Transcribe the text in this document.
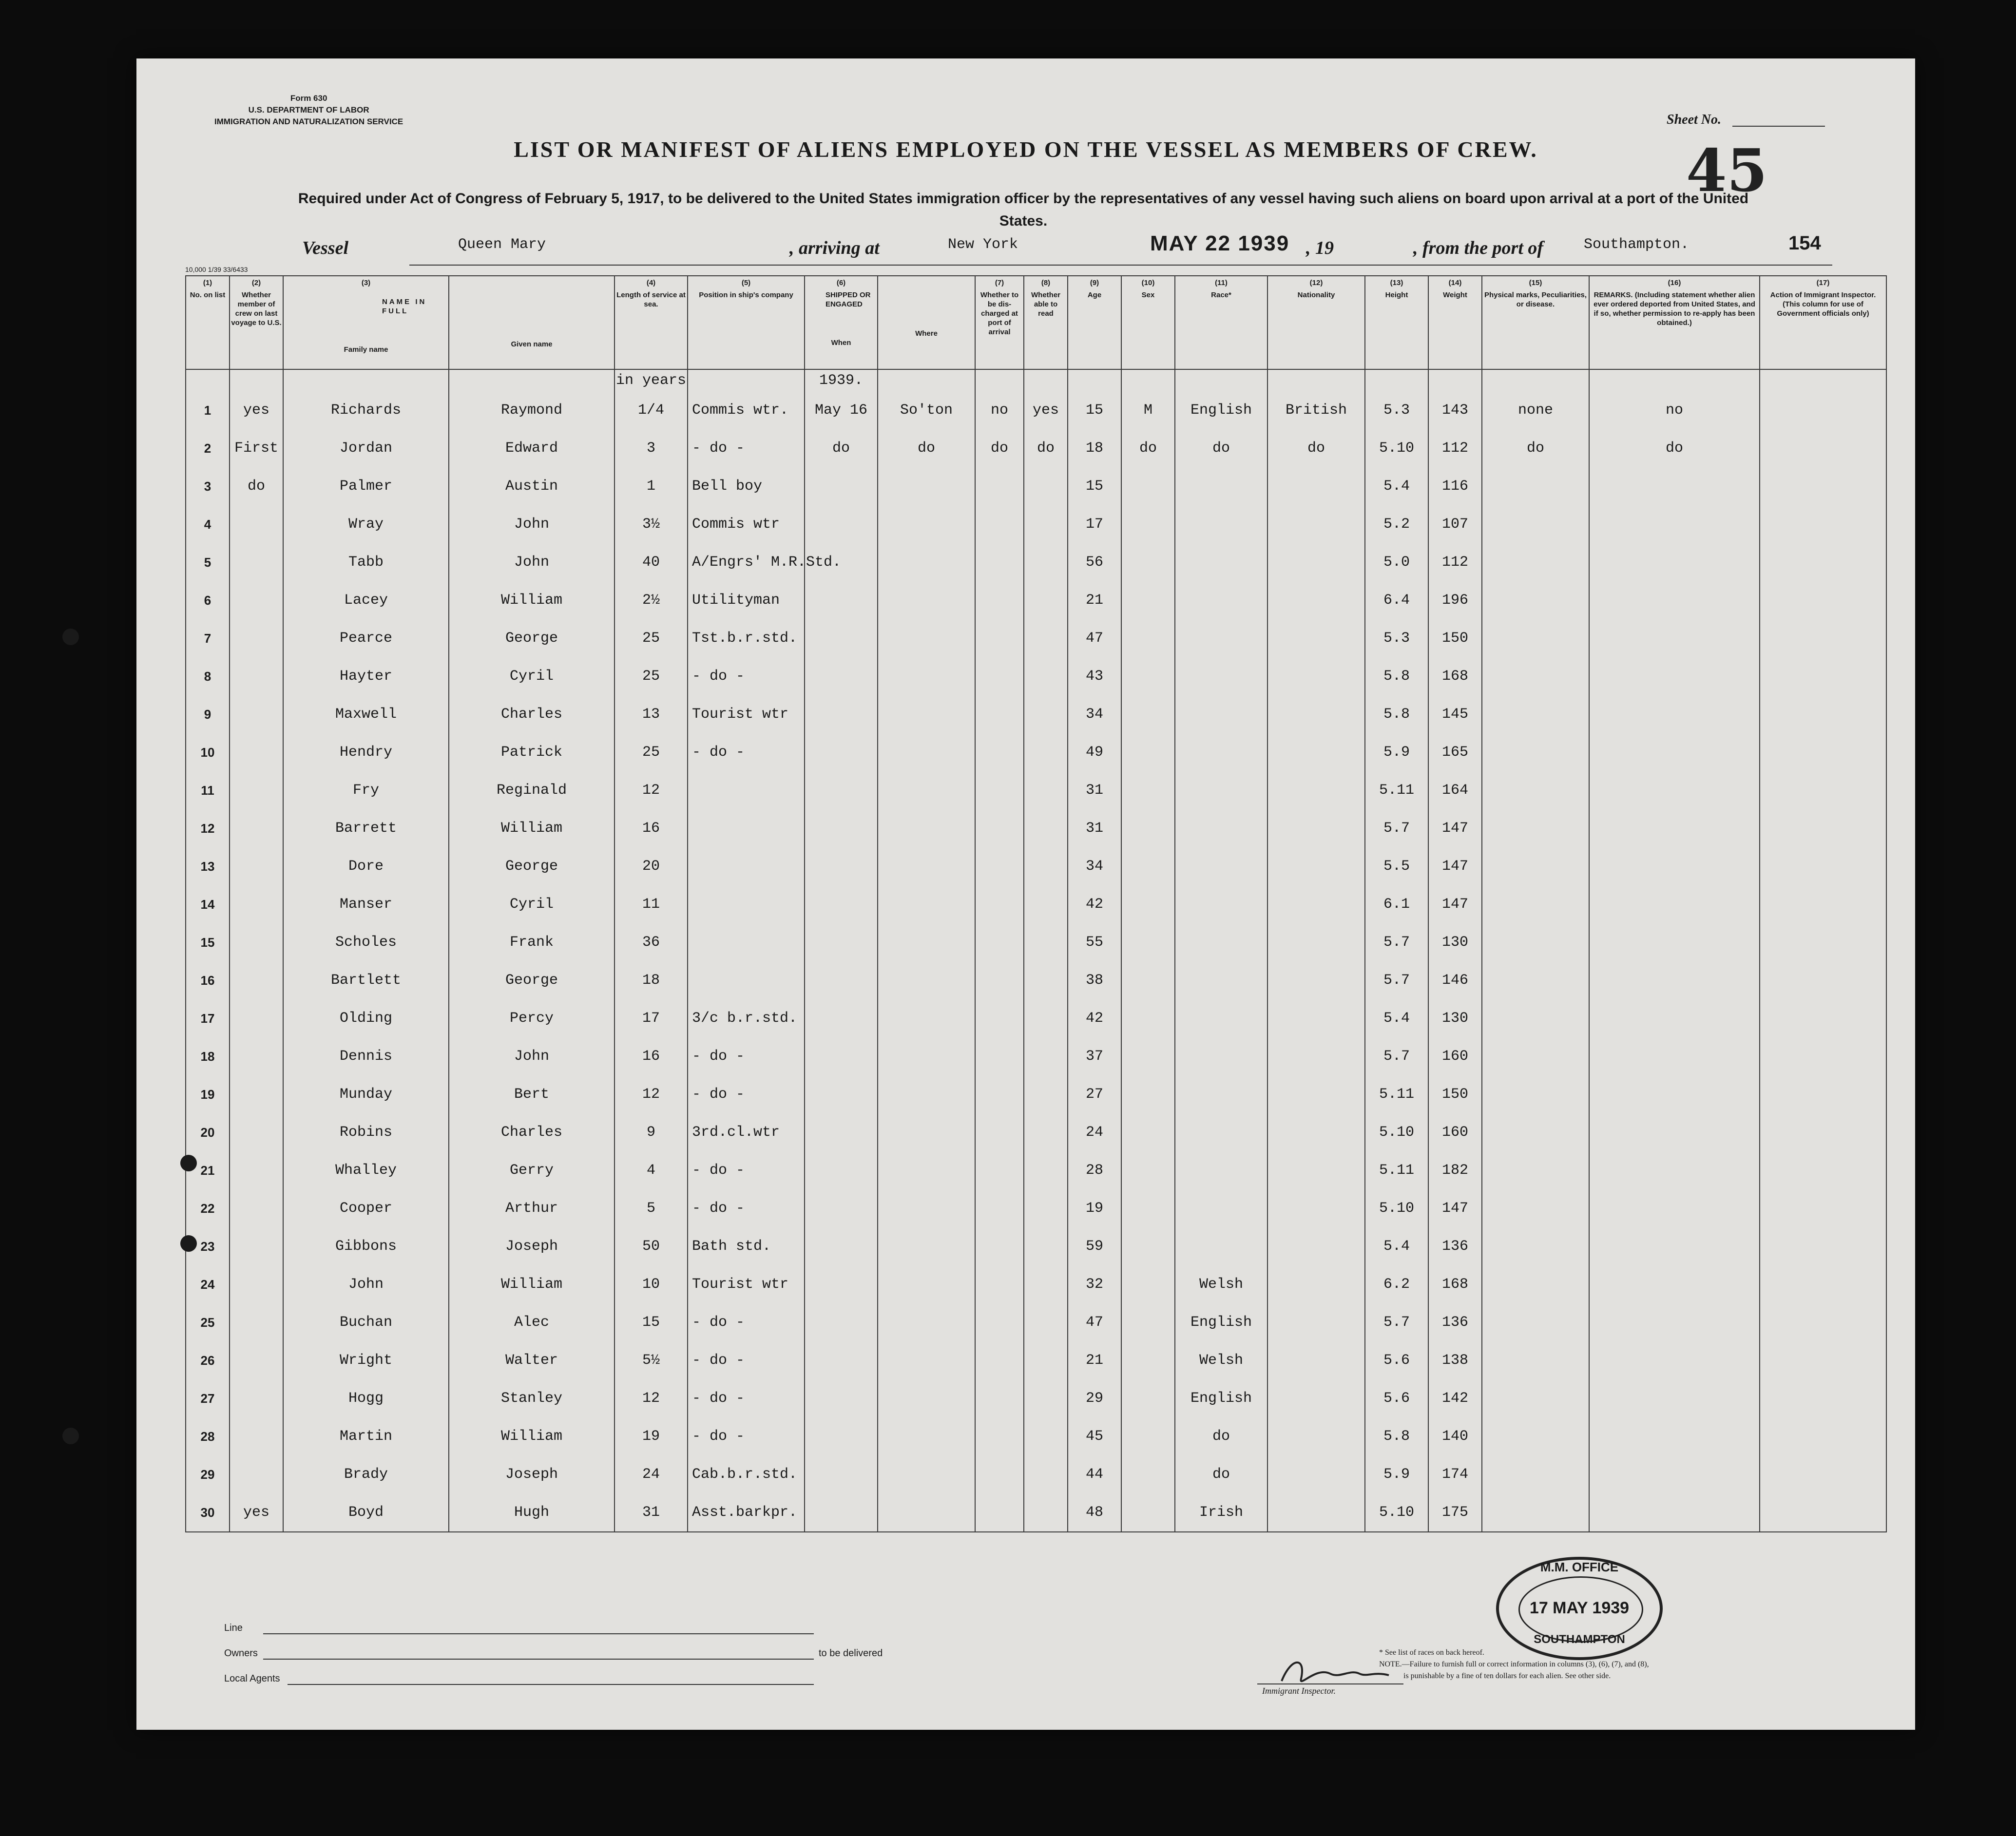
Form 630
U.S. DEPARTMENT OF LABOR
IMMIGRATION AND NATURALIZATION SERVICE	Sheet No.
45
LIST OR MANIFEST OF ALIENS EMPLOYED ON THE VESSEL AS MEMBERS OF CREW.
Required under Act of Congress of February 5, 1917, to be delivered to the United States immigration officer by the representatives of any vessel having such aliens on board upon arrival at a port of the United States.
Vessel	Queen Mary	, arriving at	New York	MAY 22 1939 , 19	, from the port of	Southampton.	154
10,000 1/39 33/6433
(1)
No. on list	(2)
Whether member of crew on last voyage to U.S.	(3)
NAME IN FULL
Family name	Given name	(4)
Length of service at sea.	(5)
Position in ship's company	(6)
SHIPPED OR ENGAGED
When	Where	(7)
Whether to be dis-charged at port of arrival	(8)
Whether able to read	(9)
Age	(10)
Sex	(11)
Race*	(12)
Nationality	(13)
Height	(14)
Weight	(15)
Physical marks, Peculiarities, or disease.	(16)
REMARKS. (Including statement whether alien ever ordered deported from United States, and if so, whether permission to re-apply has been obtained.)	(17)
Action of Immigrant Inspector. (This column for use of Government officials only)
				in years		1939.												
1	yes	Richards	Raymond	1/4	Commis wtr.	May 16	So'ton	no	yes	15	M	English	British	5.3	143	none	no	
2	First	Jordan	Edward	3	- do -	do	do	do	do	18	do	do	do	5.10	112	do	do	
3	do	Palmer	Austin	1	Bell boy					15				5.4	116			
4		Wray	John	3½	Commis wtr					17				5.2	107			
5		Tabb	John	40	A/Engrs' M.R.Std.					56				5.0	112			
6		Lacey	William	2½	Utilityman					21				6.4	196			
7		Pearce	George	25	Tst.b.r.std.					47				5.3	150			
8		Hayter	Cyril	25	- do -					43				5.8	168			
9		Maxwell	Charles	13	Tourist wtr					34				5.8	145			
10		Hendry	Patrick	25	- do -					49				5.9	165			
11		Fry	Reginald	12						31				5.11	164			
12		Barrett	William	16						31				5.7	147			
13		Dore	George	20						34				5.5	147			
14		Manser	Cyril	11						42				6.1	147			
15		Scholes	Frank	36						55				5.7	130			
16		Bartlett	George	18						38				5.7	146			
17		Olding	Percy	17	3/c b.r.std.					42				5.4	130			
18		Dennis	John	16	- do -					37				5.7	160			
19		Munday	Bert	12	- do -					27				5.11	150			
20		Robins	Charles	9	3rd.cl.wtr					24				5.10	160			
21		Whalley	Gerry	4	- do -					28				5.11	182			
22		Cooper	Arthur	5	- do -					19				5.10	147			
23		Gibbons	Joseph	50	Bath std.					59				5.4	136			
24		John	William	10	Tourist wtr					32		Welsh		6.2	168			
25		Buchan	Alec	15	- do -					47		English		5.7	136			
26		Wright	Walter	5½	- do -					21		Welsh		5.6	138			
27		Hogg	Stanley	12	- do -					29		English		5.6	142			
28		Martin	William	19	- do -					45		do		5.8	140			
29		Brady	Joseph	24	Cab.b.r.std.					44		do		5.9	174			
30	yes	Boyd	Hugh	31	Asst.barkpr.					48		Irish		5.10	175			
Line
Owners	to be delivered
Local Agents
Immigrant Inspector.
M.M. OFFICE
17 MAY 1939
SOUTHAMPTON
* See list of races on back hereof.
NOTE.—Failure to furnish full or correct information in columns (3), (6), (7), and (8),
is punishable by a fine of ten dollars for each alien. See other side.
